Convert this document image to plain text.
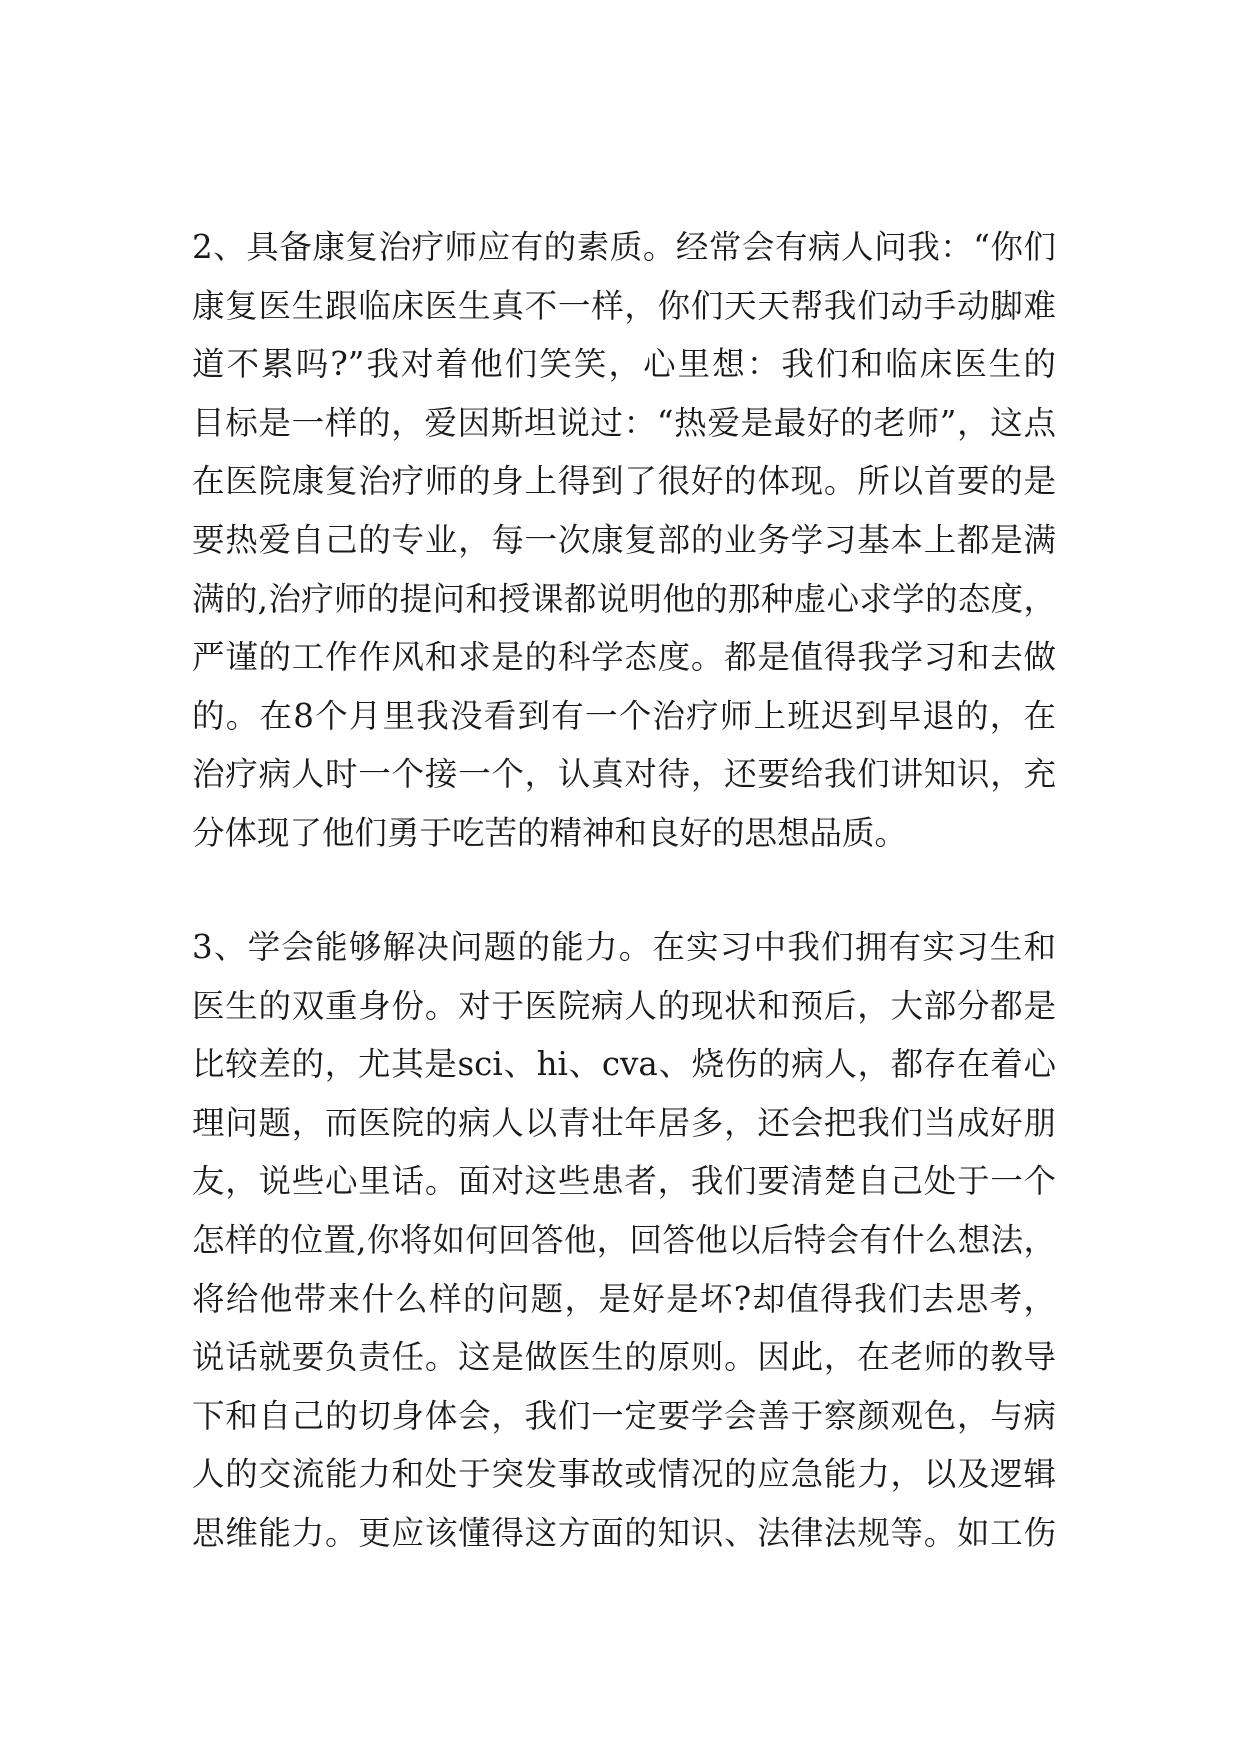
2、具备康复治疗师应有的素质。经常会有病人问我：“你们
康复医生跟临床医生真不一样，你们天天帮我们动手动脚难
道不累吗?”我对着他们笑笑，心里想：我们和临床医生的
目标是一样的，爱因斯坦说过：“热爱是最好的老师”，这点
在医院康复治疗师的身上得到了很好的体现。所以首要的是
要热爱自己的专业，每一次康复部的业务学习基本上都是满
满的,治疗师的提问和授课都说明他的那种虚心求学的态度，
严谨的工作作风和求是的科学态度。都是值得我学习和去做
的。在8个月里我没看到有一个治疗师上班迟到早退的，在
治疗病人时一个接一个，认真对待，还要给我们讲知识，充
分体现了他们勇于吃苦的精神和良好的思想品质。
3、学会能够解决问题的能力。在实习中我们拥有实习生和
医生的双重身份。对于医院病人的现状和预后，大部分都是
比较差的，尤其是sci、hi、cva、烧伤的病人，都存在着心
理问题，而医院的病人以青壮年居多，还会把我们当成好朋
友，说些心里话。面对这些患者，我们要清楚自己处于一个
怎样的位置,你将如何回答他，回答他以后特会有什么想法，
将给他带来什么样的问题，是好是坏?却值得我们去思考，
说话就要负责任。这是做医生的原则。因此，在老师的教导
下和自己的切身体会，我们一定要学会善于察颜观色，与病
人的交流能力和处于突发事故或情况的应急能力，以及逻辑
思维能力。更应该懂得这方面的知识、法律法规等。如工伤
